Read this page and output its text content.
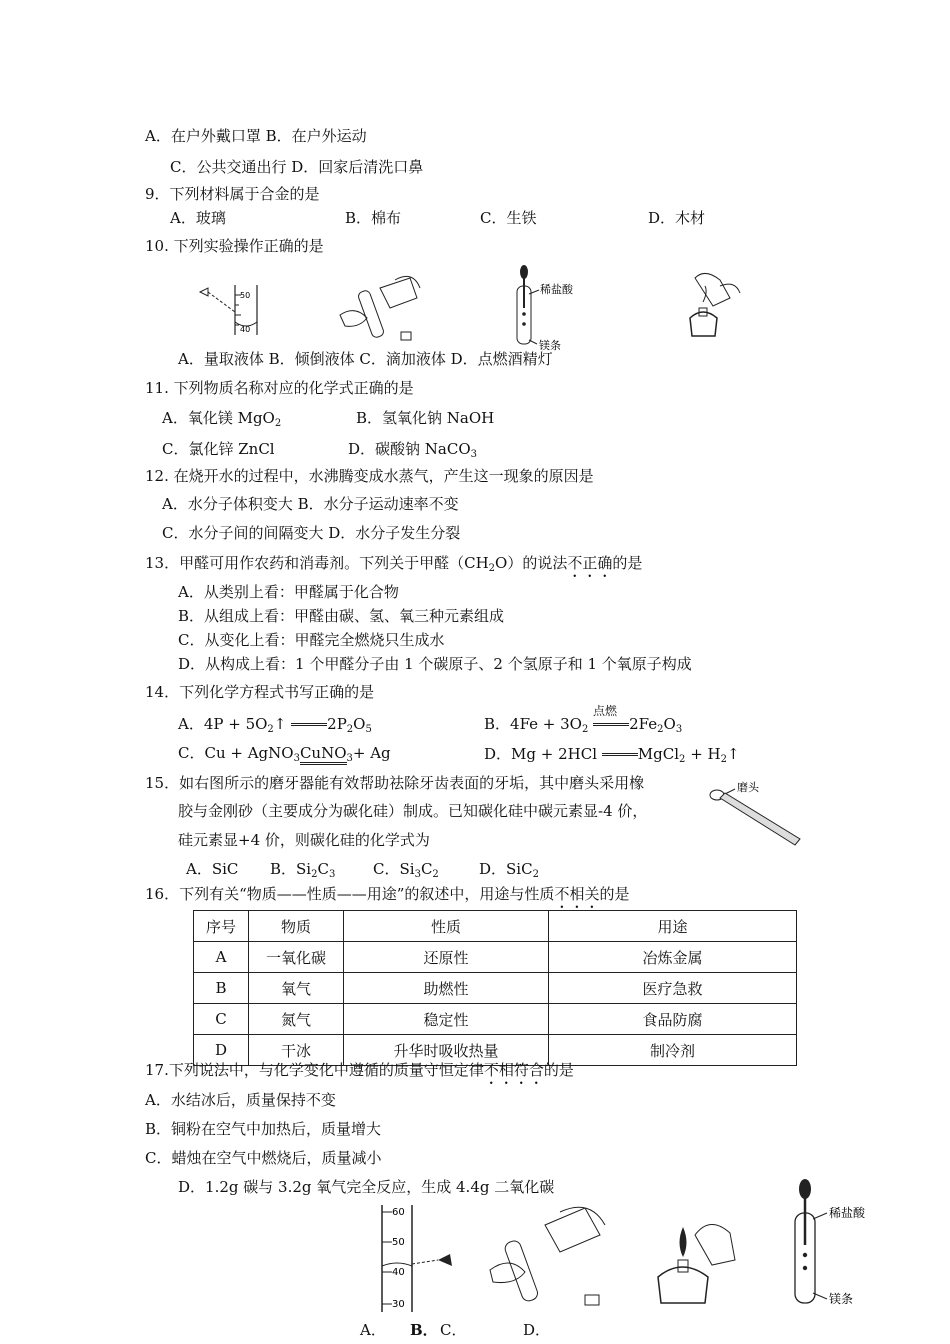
A．在户外戴口罩 B．在户外运动
C．公共交通出行 D．回家后清洗口鼻
9．下列材料属于合金的是
A．玻璃	B．棉布	C．生铁	D．木材
10. 下列实验操作正确的是
50
40
稀盐酸
镁条
A．量取液体 B．倾倒液体 C．滴加液体 D．点燃酒精灯
11. 下列物质名称对应的化学式正确的是
A．氧化镁 MgO$_2$	B．氢氧化钠 NaOH
C．氯化锌 ZnCl	D．碳酸钠 NaCO$_3$
12. 在烧开水的过程中，水沸腾变成水蒸气，产生这一现象的原因是
A．水分子体积变大 B．水分子运动速率不变
C．水分子间的间隔变大 D．水分子发生分裂
13．甲醛可用作农药和消毒剂。下列关于甲醛$(CH_2O)$的说法不正确的是
A．从类别上看：甲醛属于化合物
B．从组成上看：甲醛由碳、氢、氧三种元素组成
C．从变化上看：甲醛完全燃烧只生成水
D．从构成上看：1 个甲醛分子由 1 个碳原子、2 个氢原子和 1 个氧原子构成
14．下列化学方程式书写正确的是
点燃
A．$4P + 5O_2↑$	$2P_2O_5$	B．$4Fe + 3O_2$	$2Fe_2O_3$
C．Cu + AgNO$_3$CuNO$_3$+ Ag	D．Mg + 2HCl	MgCl$_2$ + $H_2↑$
15．如右图所示的磨牙器能有效帮助祛除牙齿表面的牙垢，其中磨头采用橡
胶与金刚砂（主要成分为碳化硅）制成。已知碳化硅中碳元素显-4 价，
硅元素显+4 价，则碳化硅的化学式为
磨头
A．SiC B．$Si_2C_3$	C．$Si_3C_2$	D．SiC$_2$
16．下列有关“物质——性质——用途”的叙述中，用途与性质不相关的是
序号	物质	性质	用途
A	一氧化碳	还原性	冶炼金属
B	氧气	助燃性	医疗急救
C	氮气	稳定性	食品防腐
D	干冰	升华时吸收热量	制冷剂
17.下列说法中，与化学变化中遵循的质量守恒定律不相符合的是
A．水结冰后，质量保持不变
B．铜粉在空气中加热后，质量增大
C．蜡烛在空气中燃烧后，质量减小
D．1.2g 碳与 3.2g 氧气完全反应，生成 4.4g 二氧化碳
60
50
40
30
稀盐酸
镁条
A． B． C．	D．
